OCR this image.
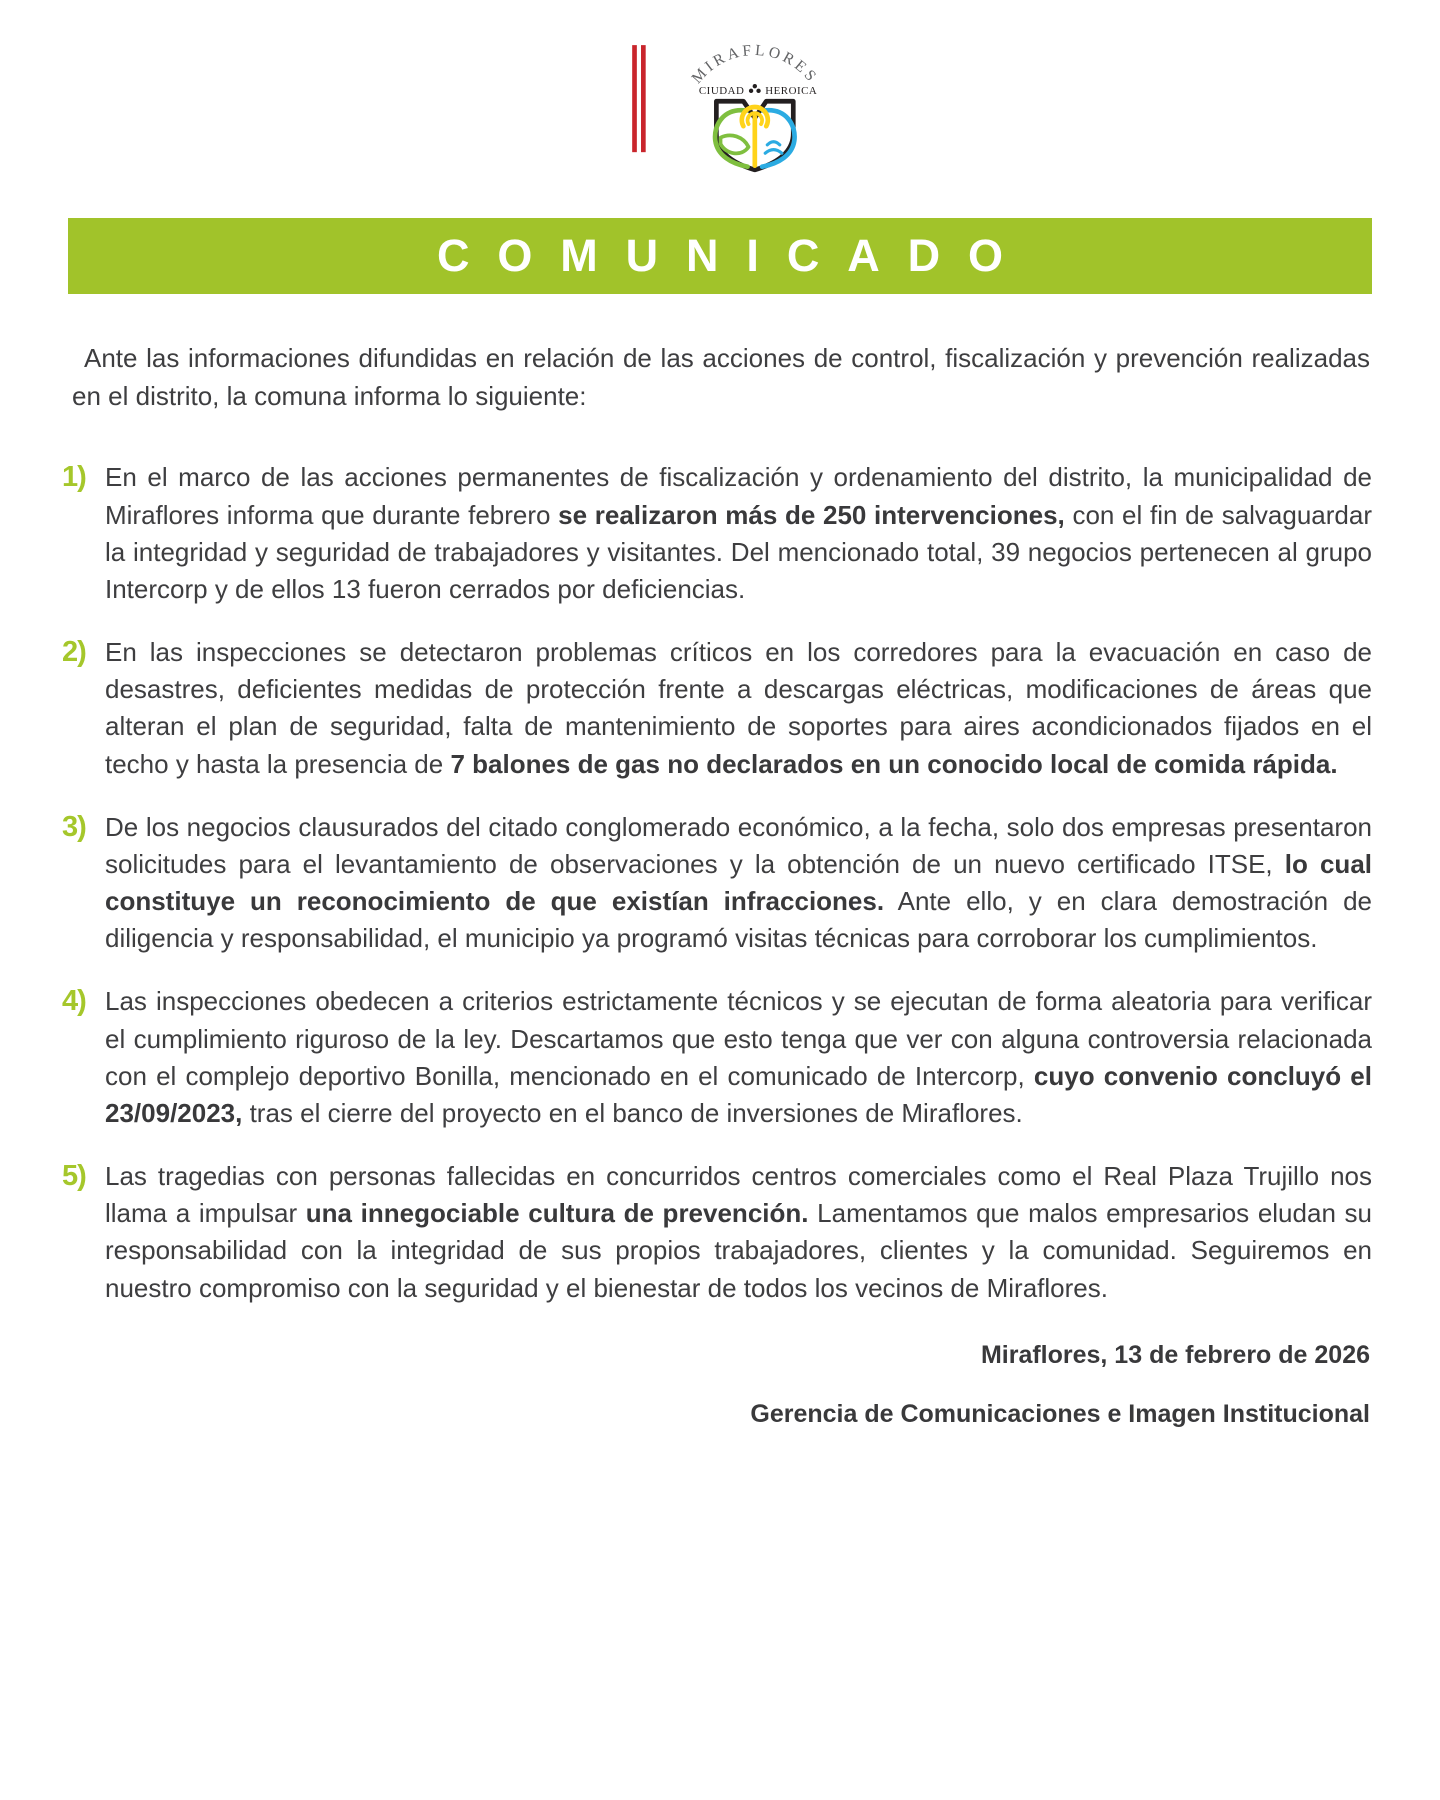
MIRAFLORES
CIUDAD HEROICA
COMUNICADO

Ante las informaciones difundidas en relación de las acciones de control, fiscalización y prevención realizadas en el distrito, la comuna informa lo siguiente:

1) En el marco de las acciones permanentes de fiscalización y ordenamiento del distrito, la municipalidad de Miraflores informa que durante febrero se realizaron más de 250 intervenciones, con el fin de salvaguardar la integridad y seguridad de trabajadores y visitantes. Del mencionado total, 39 negocios pertenecen al grupo Intercorp y de ellos 13 fueron cerrados por deficiencias.

2) En las inspecciones se detectaron problemas críticos en los corredores para la evacuación en caso de desastres, deficientes medidas de protección frente a descargas eléctricas, modificaciones de áreas que alteran el plan de seguridad, falta de mantenimiento de soportes para aires acondicionados fijados en el techo y hasta la presencia de 7 balones de gas no declarados en un conocido local de comida rápida.

3) De los negocios clausurados del citado conglomerado económico, a la fecha, solo dos empresas presentaron solicitudes para el levantamiento de observaciones y la obtención de un nuevo certificado ITSE, lo cual constituye un reconocimiento de que existían infracciones. Ante ello, y en clara demostración de diligencia y responsabilidad, el municipio ya programó visitas técnicas para corroborar los cumplimientos.

4) Las inspecciones obedecen a criterios estrictamente técnicos y se ejecutan de forma aleatoria para verificar el cumplimiento riguroso de la ley. Descartamos que esto tenga que ver con alguna controversia relacionada con el complejo deportivo Bonilla, mencionado en el comunicado de Intercorp, cuyo convenio concluyó el 23/09/2023, tras el cierre del proyecto en el banco de inversiones de Miraflores.

5) Las tragedias con personas fallecidas en concurridos centros comerciales como el Real Plaza Trujillo nos llama a impulsar una innegociable cultura de prevención. Lamentamos que malos empresarios eludan su responsabilidad con la integridad de sus propios trabajadores, clientes y la comunidad. Seguiremos en nuestro compromiso con la seguridad y el bienestar de todos los vecinos de Miraflores.

Miraflores, 13 de febrero de 2026
Gerencia de Comunicaciones e Imagen Institucional
